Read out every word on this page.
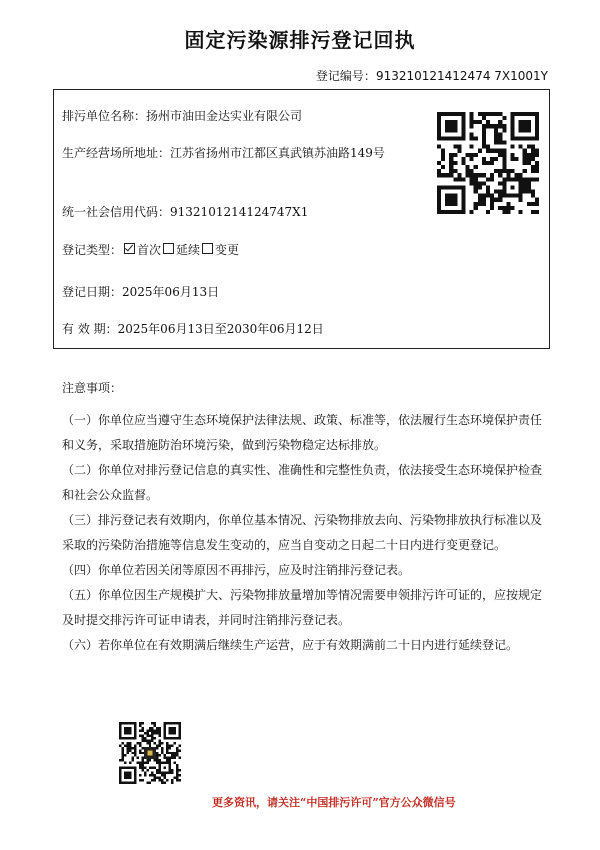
固定污染源排污登记回执
登记编号：913210121412474 7X1001Y
排污单位名称：扬州市油田金达实业有限公司
生产经营场所地址：江苏省扬州市江都区真武镇苏油路149号
统一社会信用代码：9132101214124747X1
登记类型： 首次 延续 变更
登记日期：2025年06月13日
有 效 期：2025年06月13日至2030年06月12日
注意事项：

（一）你单位应当遵守生态环境保护法律法规、政策、标准等，依法履行生态环境保护责任和义务，采取措施防治环境污染，做到污染物稳定达标排放。

（二）你单位对排污登记信息的真实性、准确性和完整性负责，依法接受生态环境保护检查和社会公众监督。

（三）排污登记表有效期内，你单位基本情况、污染物排放去向、污染物排放执行标准以及采取的污染防治措施等信息发生变动的，应当自变动之日起二十日内进行变更登记。

（四）你单位若因关闭等原因不再排污，应及时注销排污登记表。

（五）你单位因生产规模扩大、污染物排放量增加等情况需要申领排污许可证的，应按规定及时提交排污许可证申请表，并同时注销排污登记表。

（六）若你单位在有效期满后继续生产运营，应于有效期满前二十日内进行延续登记。

更多资讯，请关注“中国排污许可”官方公众微信号
